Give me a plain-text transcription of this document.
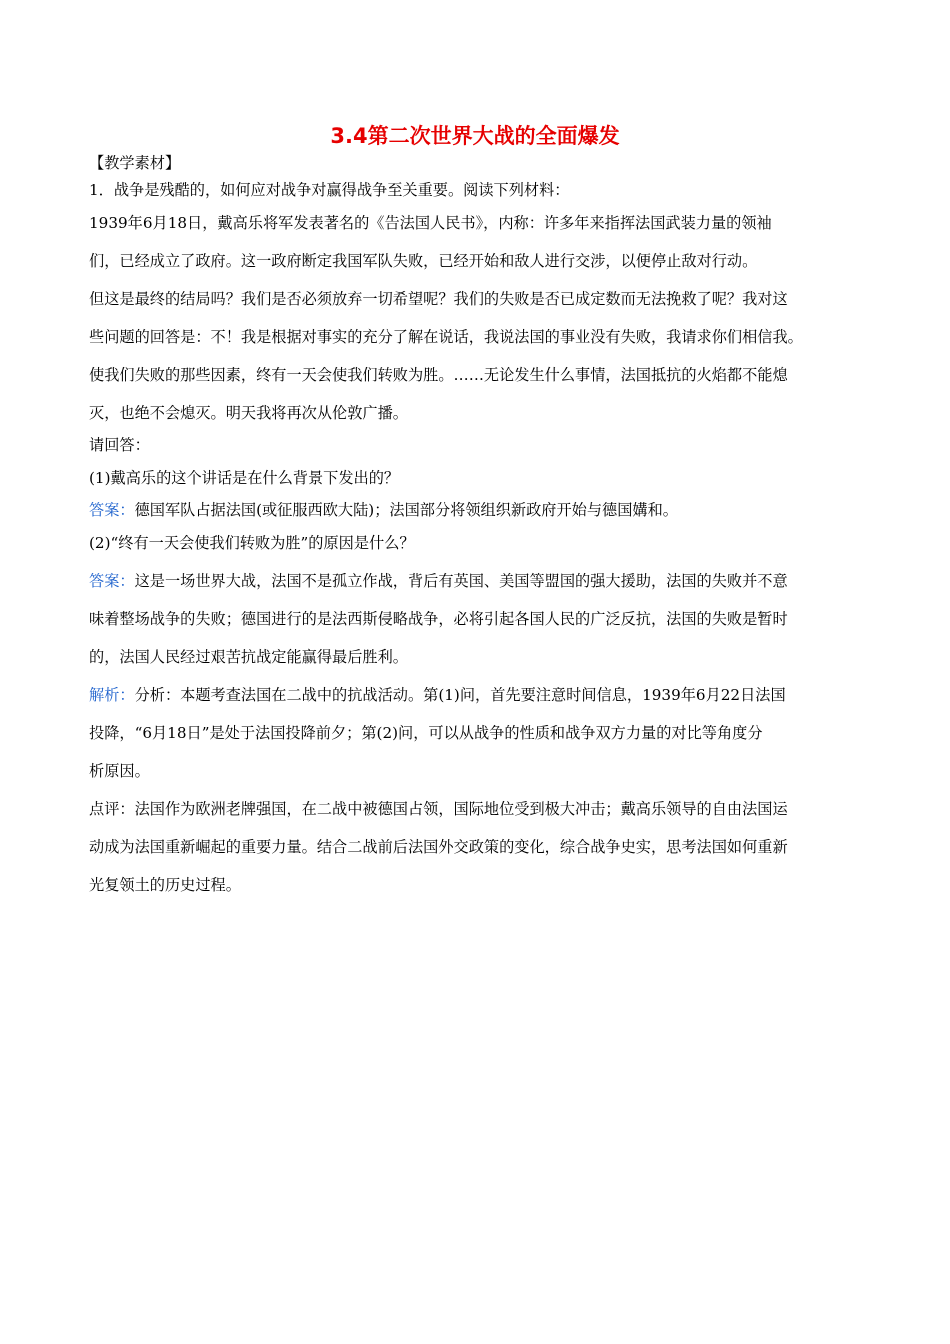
3.4第二次世界大战的全面爆发

【教学素材】

1．战争是残酷的，如何应对战争对赢得战争至关重要。阅读下列材料：

1939年6月18日，戴高乐将军发表著名的《告法国人民书》，内称：许多年来指挥法国武装力量的领袖

们，已经成立了政府。这一政府断定我国军队失败，已经开始和敌人进行交涉，以便停止敌对行动。

但这是最终的结局吗？我们是否必须放弃一切希望呢？我们的失败是否已成定数而无法挽救了呢？我对这

些问题的回答是：不！我是根据对事实的充分了解在说话，我说法国的事业没有失败，我请求你们相信我。

使我们失败的那些因素，终有一天会使我们转败为胜。……无论发生什么事情，法国抵抗的火焰都不能熄

灭，也绝不会熄灭。明天我将再次从伦敦广播。

请回答：

(1)戴高乐的这个讲话是在什么背景下发出的？

答案：德国军队占据法国(或征服西欧大陆)；法国部分将领组织新政府开始与德国媾和。

(2)“终有一天会使我们转败为胜”的原因是什么？

答案：这是一场世界大战，法国不是孤立作战，背后有英国、美国等盟国的强大援助，法国的失败并不意

味着整场战争的失败；德国进行的是法西斯侵略战争，必将引起各国人民的广泛反抗，法国的失败是暂时

的，法国人民经过艰苦抗战定能赢得最后胜利。

解析：分析：本题考查法国在二战中的抗战活动。第(1)问，首先要注意时间信息，1939年6月22日法国

投降，“6月18日”是处于法国投降前夕；第(2)问，可以从战争的性质和战争双方力量的对比等角度分

析原因。

点评：法国作为欧洲老牌强国，在二战中被德国占领，国际地位受到极大冲击；戴高乐领导的自由法国运

动成为法国重新崛起的重要力量。结合二战前后法国外交政策的变化，综合战争史实，思考法国如何重新

光复领土的历史过程。
